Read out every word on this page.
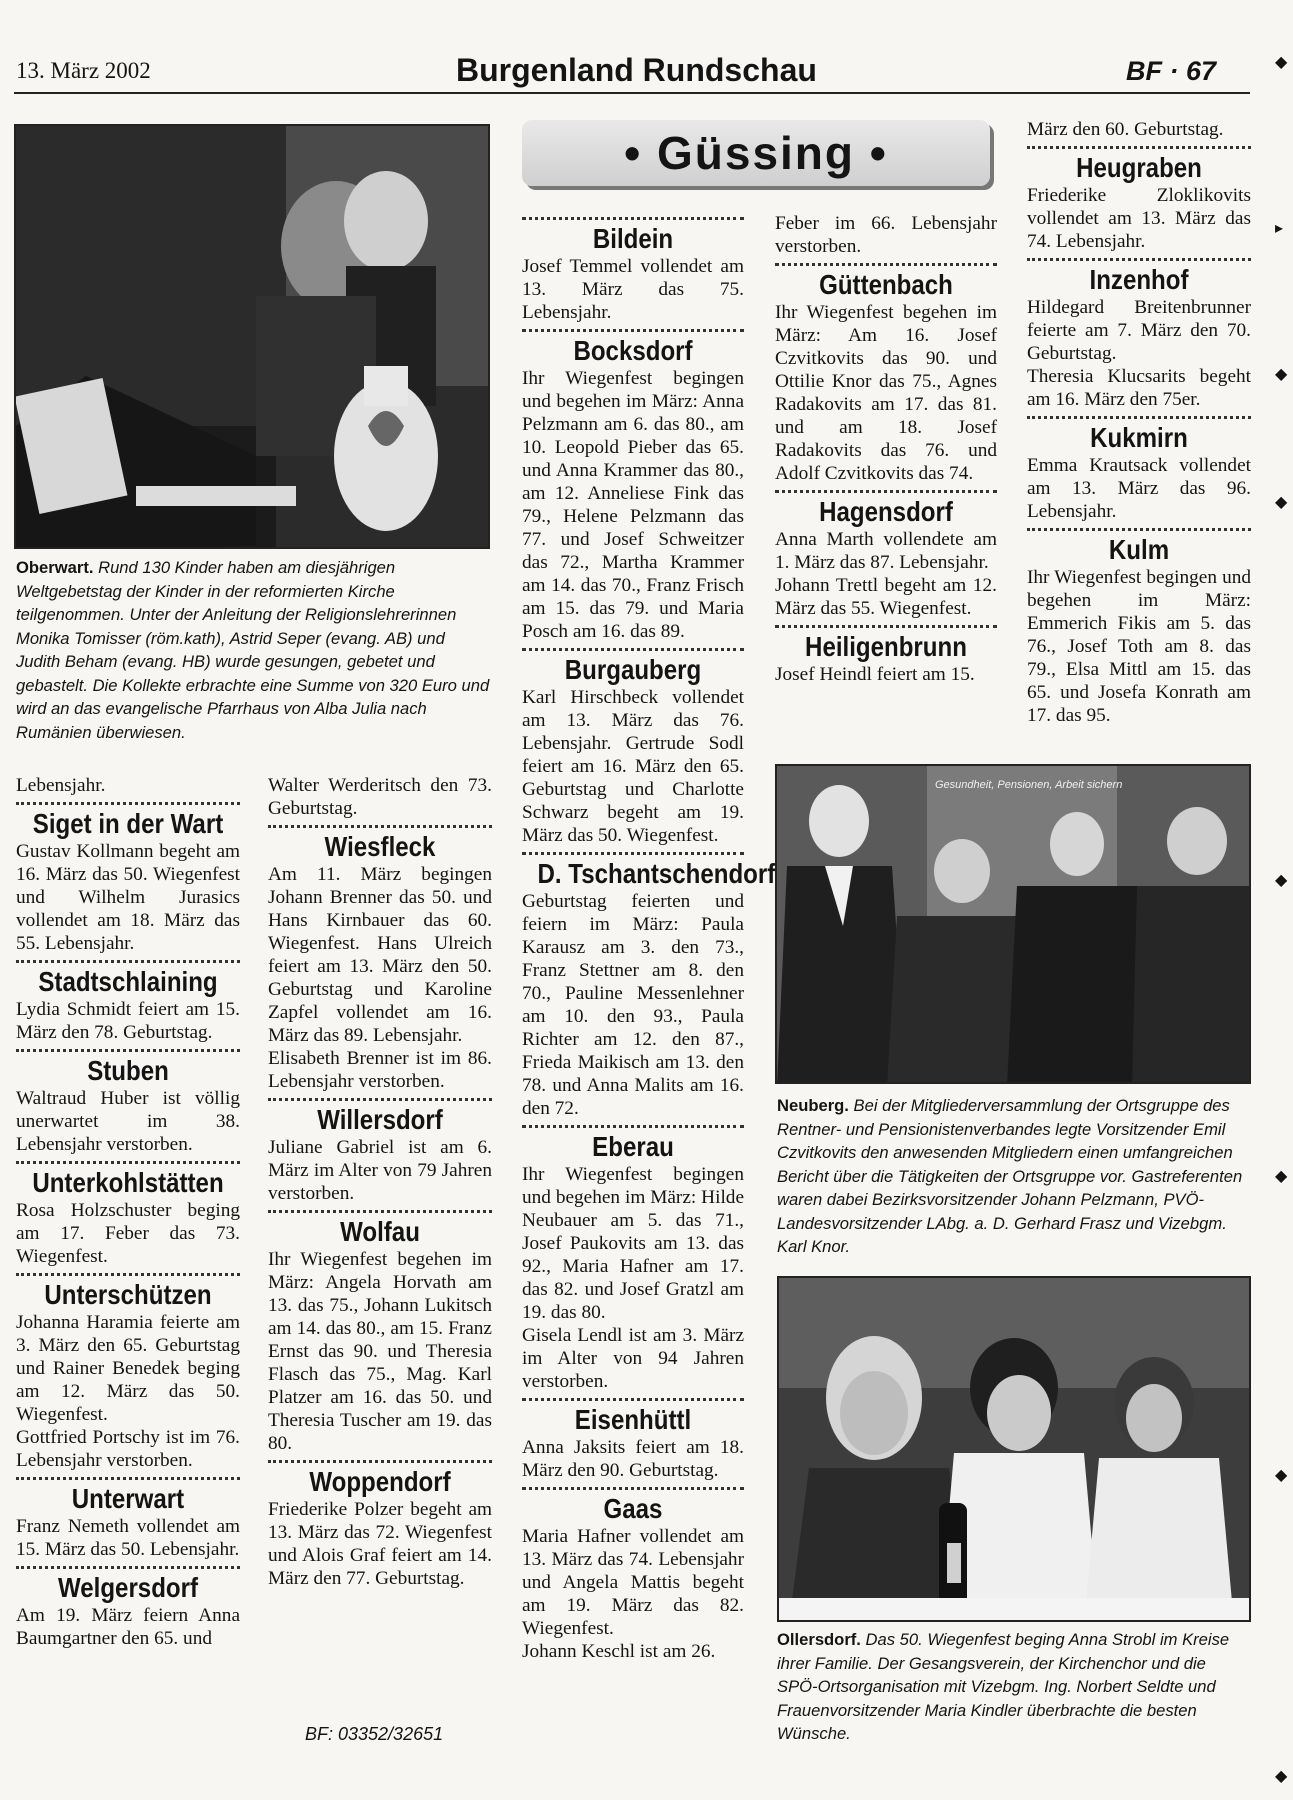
13. März 2002	Burgenland Rundschau	BF · 67
Oberwart. Rund 130 Kinder haben am diesjährigen Weltgebetstag der Kinder in der reformierten Kirche teilgenommen. Unter der Anleitung der Religionslehrerinnen Monika Tomisser (röm.kath), Astrid Seper (evang. AB) und Judith Beham (evang. HB) wurde gesungen, gebetet und gebastelt. Die Kollekte erbrachte eine Summe von 320 Euro und wird an das evangelische Pfarrhaus von Alba Julia nach Rumänien überwiesen.
• Güssing •

Lebensjahr.

Siget in der Wart

Gustav Kollmann begeht am 16. März das 50. Wiegenfest und Wilhelm Jurasics vollendet am 18. März das 55. Lebensjahr.

Stadtschlaining

Lydia Schmidt feiert am 15. März den 78. Geburtstag.

Stuben

Waltraud Huber ist völlig unerwartet im 38. Lebensjahr verstorben.

Unterkohlstätten

Rosa Holzschuster beging am 17. Feber das 73. Wiegenfest.

Unterschützen

Johanna Haramia feierte am 3. März den 65. Geburtstag und Rainer Benedek beging am 12. März das 50. Wiegenfest.

Gottfried Portschy ist im 76. Lebensjahr verstorben.

Unterwart

Franz Nemeth vollendet am 15. März das 50. Lebensjahr.

Welgersdorf

Am 19. März feiern Anna Baumgartner den 65. und

Walter Werderitsch den 73. Geburtstag.

Wiesfleck

Am 11. März begingen Johann Brenner das 50. und Hans Kirnbauer das 60. Wiegenfest. Hans Ulreich feiert am 13. März den 50. Geburtstag und Karoline Zapfel vollendet am 16. März das 89. Lebensjahr.

Elisabeth Brenner ist im 86. Lebensjahr verstorben.

Willersdorf

Juliane Gabriel ist am 6. März im Alter von 79 Jahren verstorben.

Wolfau

Ihr Wiegenfest begehen im März: Angela Horvath am 13. das 75., Johann Lukitsch am 14. das 80., am 15. Franz Ernst das 90. und Theresia Flasch das 75., Mag. Karl Platzer am 16. das 50. und Theresia Tuscher am 19. das 80.

Woppendorf

Friederike Polzer begeht am 13. März das 72. Wiegenfest und Alois Graf feiert am 14. März den 77. Geburtstag.

BF: 03352/32651
Bildein

Josef Temmel vollendet am 13. März das 75. Lebensjahr.

Bocksdorf

Ihr Wiegenfest begingen und begehen im März: Anna Pelzmann am 6. das 80., am 10. Leopold Pieber das 65. und Anna Krammer das 80., am 12. Anneliese Fink das 79., Helene Pelzmann das 77. und Josef Schweitzer das 72., Martha Krammer am 14. das 70., Franz Frisch am 15. das 79. und Maria Posch am 16. das 89.

Burgauberg

Karl Hirschbeck vollendet am 13. März das 76. Lebensjahr. Gertrude Sodl feiert am 16. März den 65. Geburtstag und Charlotte Schwarz begeht am 19. März das 50. Wiegenfest.

D. Tschantschendorf

Geburtstag feierten und feiern im März: Paula Karausz am 3. den 73., Franz Stettner am 8. den 70., Pauline Messenlehner am 10. den 93., Paula Richter am 12. den 87., Frieda Maikisch am 13. den 78. und Anna Malits am 16. den 72.

Eberau

Ihr Wiegenfest begingen und begehen im März: Hilde Neubauer am 5. das 71., Josef Paukovits am 13. das 92., Maria Hafner am 17. das 82. und Josef Gratzl am 19. das 80.

Gisela Lendl ist am 3. März im Alter von 94 Jahren verstorben.

Eisenhüttl

Anna Jaksits feiert am 18. März den 90. Geburtstag.

Gaas

Maria Hafner vollendet am 13. März das 74. Lebensjahr und Angela Mattis begeht am 19. März das 82. Wiegenfest.

Johann Keschl ist am 26.

Feber im 66. Lebensjahr verstorben.

Güttenbach

Ihr Wiegenfest begehen im März: Am 16. Josef Czvitkovits das 90. und Ottilie Knor das 75., Agnes Radakovits am 17. das 81. und am 18. Josef Radakovits das 76. und Adolf Czvitkovits das 74.

Hagensdorf

Anna Marth vollendete am 1. März das 87. Lebensjahr.

Johann Trettl begeht am 12. März das 55. Wiegenfest.

Heiligenbrunn

Josef Heindl feiert am 15.

März den 60. Geburtstag.

Heugraben

Friederike Zloklikovits vollendet am 13. März das 74. Lebensjahr.

Inzenhof

Hildegard Breitenbrunner feierte am 7. März den 70. Geburtstag.

Theresia Klucsarits begeht am 16. März den 75er.

Kukmirn

Emma Krautsack vollendet am 13. März das 96. Lebensjahr.

Kulm

Ihr Wiegenfest begingen und begehen im März: Emmerich Fikis am 5. das 76., Josef Toth am 8. das 79., Elsa Mittl am 15. das 65. und Josefa Konrath am 17. das 95.

Gesundheit, Pensionen, Arbeit sichern
Neuberg. Bei der Mitgliederversammlung der Ortsgruppe des Rentner- und Pensionistenverbandes legte Vorsitzender Emil Czvitkovits den anwesenden Mitgliedern einen umfangreichen Bericht über die Tätigkeiten der Ortsgruppe vor. Gastreferenten waren dabei Bezirksvorsitzender Johann Pelzmann, PVÖ-Landesvorsitzender LAbg. a. D. Gerhard Frasz und Vizebgm. Karl Knor.
Ollersdorf. Das 50. Wiegenfest beging Anna Strobl im Kreise ihrer Familie. Der Gesangsverein, der Kirchenchor und die SPÖ-Ortsorganisation mit Vizebgm. Ing. Norbert Seldte und Frauenvorsitzender Maria Kindler überbrachte die besten Wünsche.
◆
▸
◆
◆
◆
◆
◆
◆
